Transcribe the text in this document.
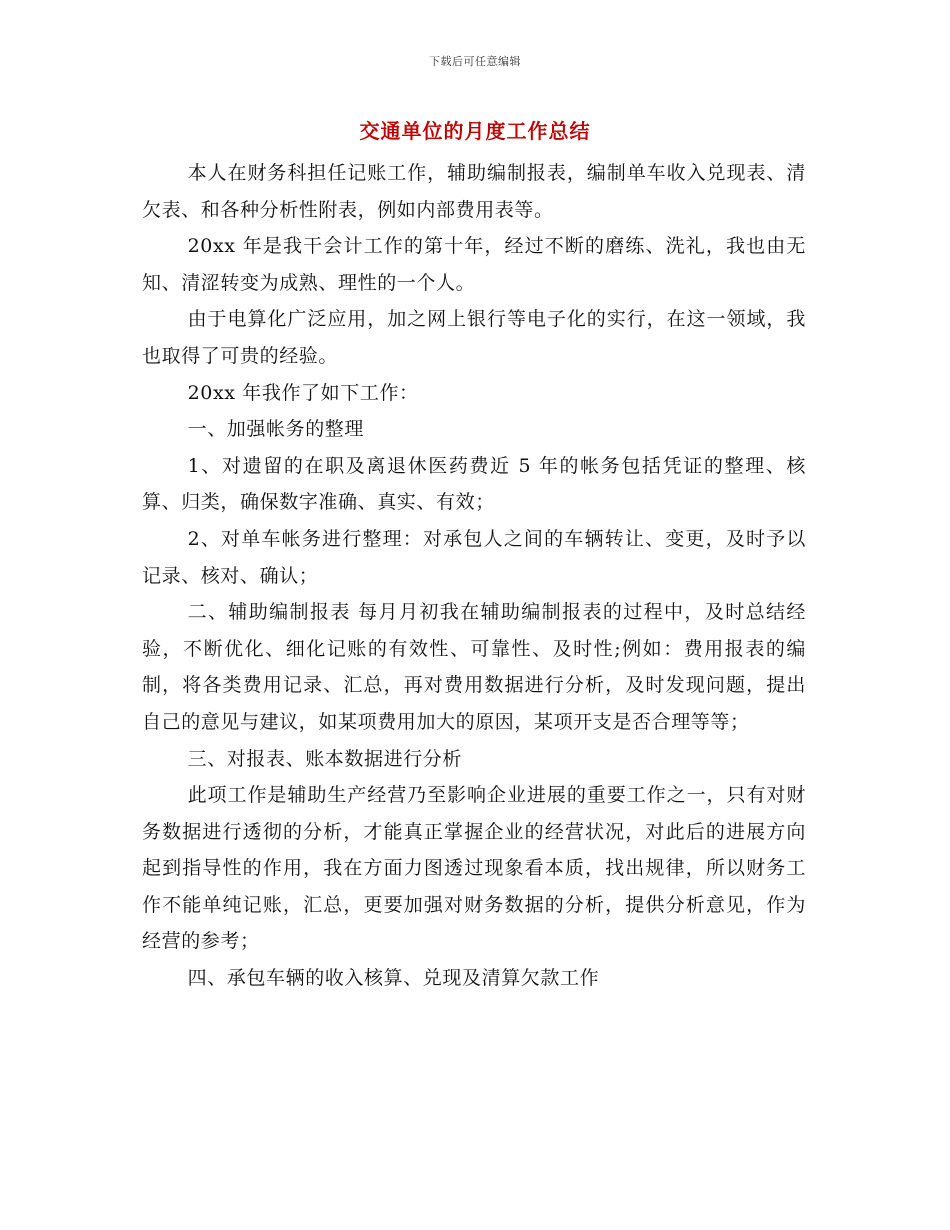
下载后可任意编辑
交通单位的月度工作总结

本人在财务科担任记账工作，辅助编制报表，编制单车收入兑现表、清欠表、和各种分析性附表，例如内部费用表等。

20xx 年是我干会计工作的第十年，经过不断的磨练、洗礼，我也由无知、清涩转变为成熟、理性的一个人。

由于电算化广泛应用，加之网上银行等电子化的实行，在这一领域，我也取得了可贵的经验。

20xx 年我作了如下工作：

一、加强帐务的整理

1、对遗留的在职及离退休医药费近 5 年的帐务包括凭证的整理、核算、归类，确保数字准确、真实、有效；

2、对单车帐务进行整理：对承包人之间的车辆转让、变更，及时予以记录、核对、确认；

二、辅助编制报表 每月月初我在辅助编制报表的过程中，及时总结经验，不断优化、细化记账的有效性、可靠性、及时性;例如：费用报表的编制，将各类费用记录、汇总，再对费用数据进行分析，及时发现问题，提出自己的意见与建议，如某项费用加大的原因，某项开支是否合理等等；

三、对报表、账本数据进行分析

此项工作是辅助生产经营乃至影响企业进展的重要工作之一，只有对财务数据进行透彻的分析，才能真正掌握企业的经营状况，对此后的进展方向起到指导性的作用，我在方面力图透过现象看本质，找出规律，所以财务工作不能单纯记账，汇总，更要加强对财务数据的分析，提供分析意见，作为经营的参考；

四、承包车辆的收入核算、兑现及清算欠款工作
